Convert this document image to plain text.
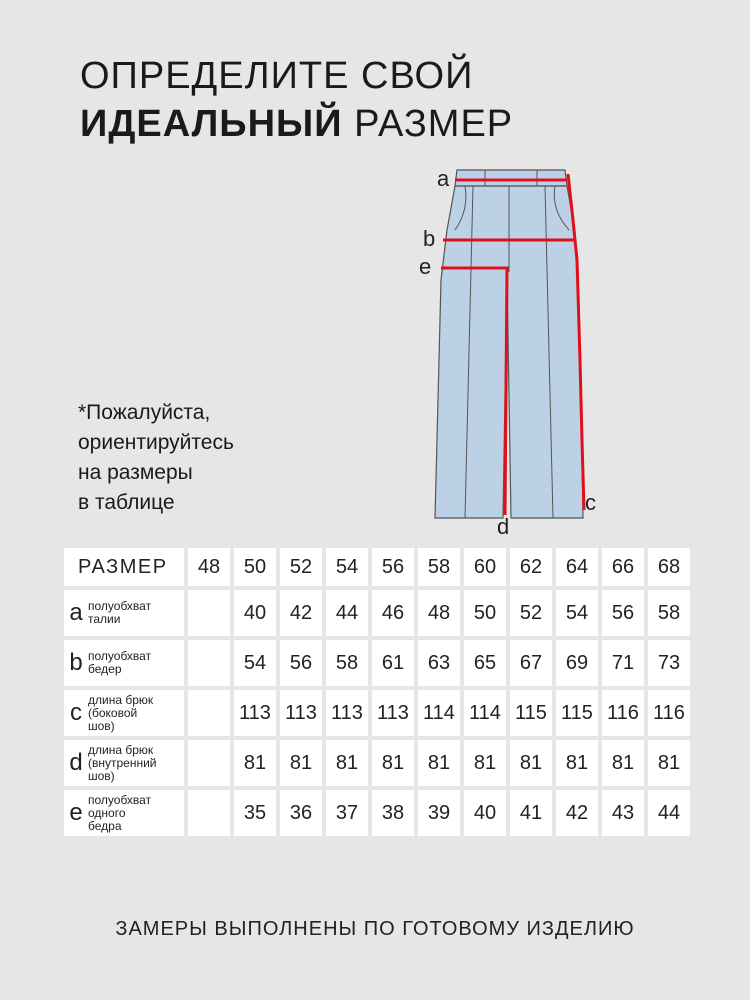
ОПРЕДЕЛИТЕ СВОЙ
ИДЕАЛЬНЫЙ РАЗМЕР
*Пожалуйста,
ориентируйтесь
на размеры
в таблице
a
b
e
c
d
РАЗМЕР	48	50	52	54	56	58	60	62	64	66	68
a полуобхват
талии		40	42	44	46	48	50	52	54	56	58
b полуобхват
бедер		54	56	58	61	63	65	67	69	71	73
c длина брюк
(боковой
шов)		113	113	113	113	114	114	115	115	116	116
d длина брюк
(внутренний
шов)		81	81	81	81	81	81	81	81	81	81
e полуобхват
одного
бедра		35	36	37	38	39	40	41	42	43	44
ЗАМЕРЫ ВЫПОЛНЕНЫ ПО ГОТОВОМУ ИЗДЕЛИЮ
